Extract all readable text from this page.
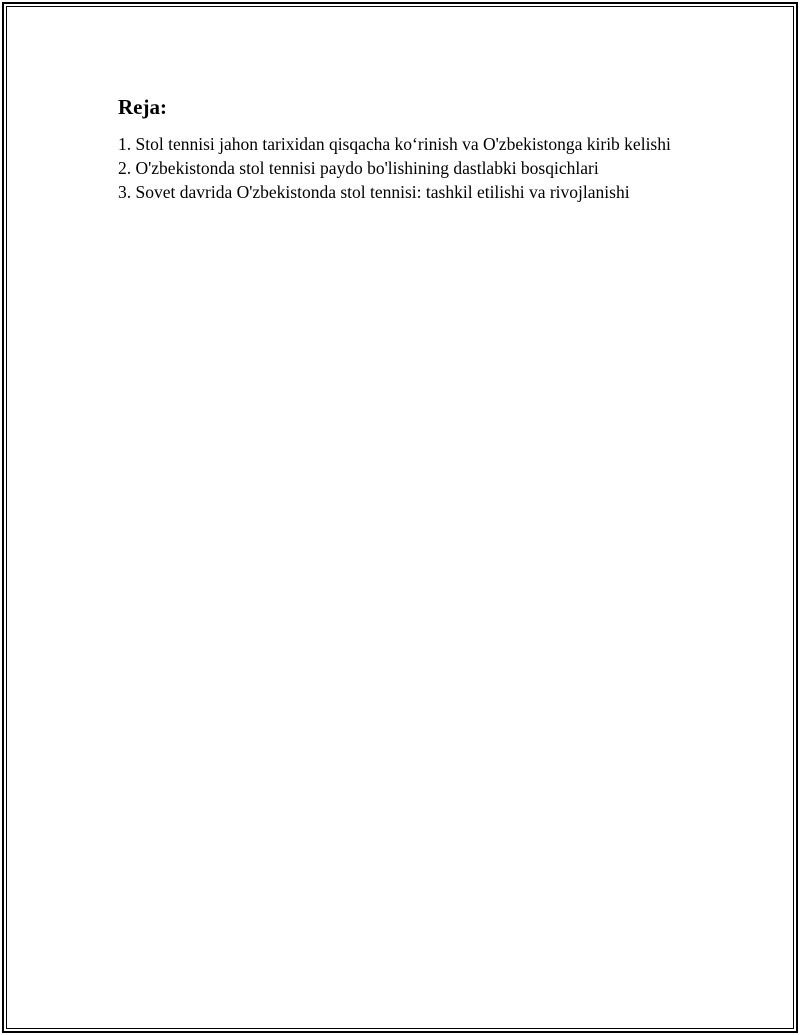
Reja:
1. Stol tennisi jahon tarixidan qisqacha ko‘rinish va O'zbekistonga kirib kelishi
2. O'zbekistonda stol tennisi paydo bo'lishining dastlabki bosqichlari
3. Sovet davrida O'zbekistonda stol tennisi: tashkil etilishi va rivojlanishi
